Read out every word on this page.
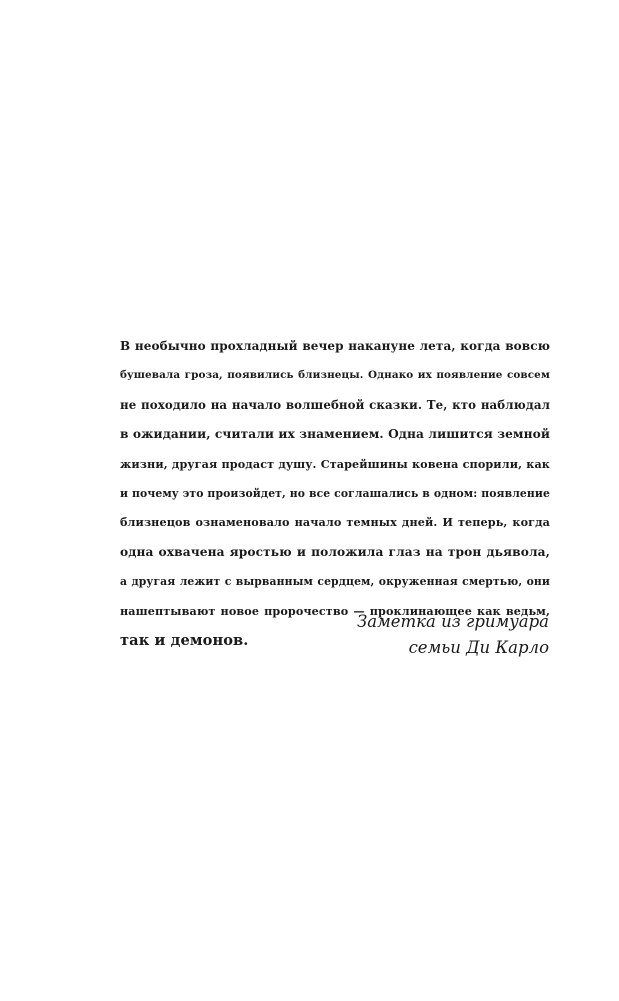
В необычно прохладный вечер накануне лета, когда вовсю
бушевала гроза, появились близнецы. Однако их появление совсем
не походило на начало волшебной сказки. Те, кто наблюдал
в ожидании, считали их знамением. Одна лишится земной
жизни, другая продаст душу. Старейшины ковена спорили, как
и почему это произойдет, но все соглашались в одном: появление
близнецов ознаменовало начало темных дней. И теперь, когда
одна охвачена яростью и положила глаз на трон дьявола,
а другая лежит с вырванным сердцем, окруженная смертью, они
нашептывают новое пророчество — проклинающее как ведьм,
так и демонов.
Заметка из гримуара
семьи Ди Карло
